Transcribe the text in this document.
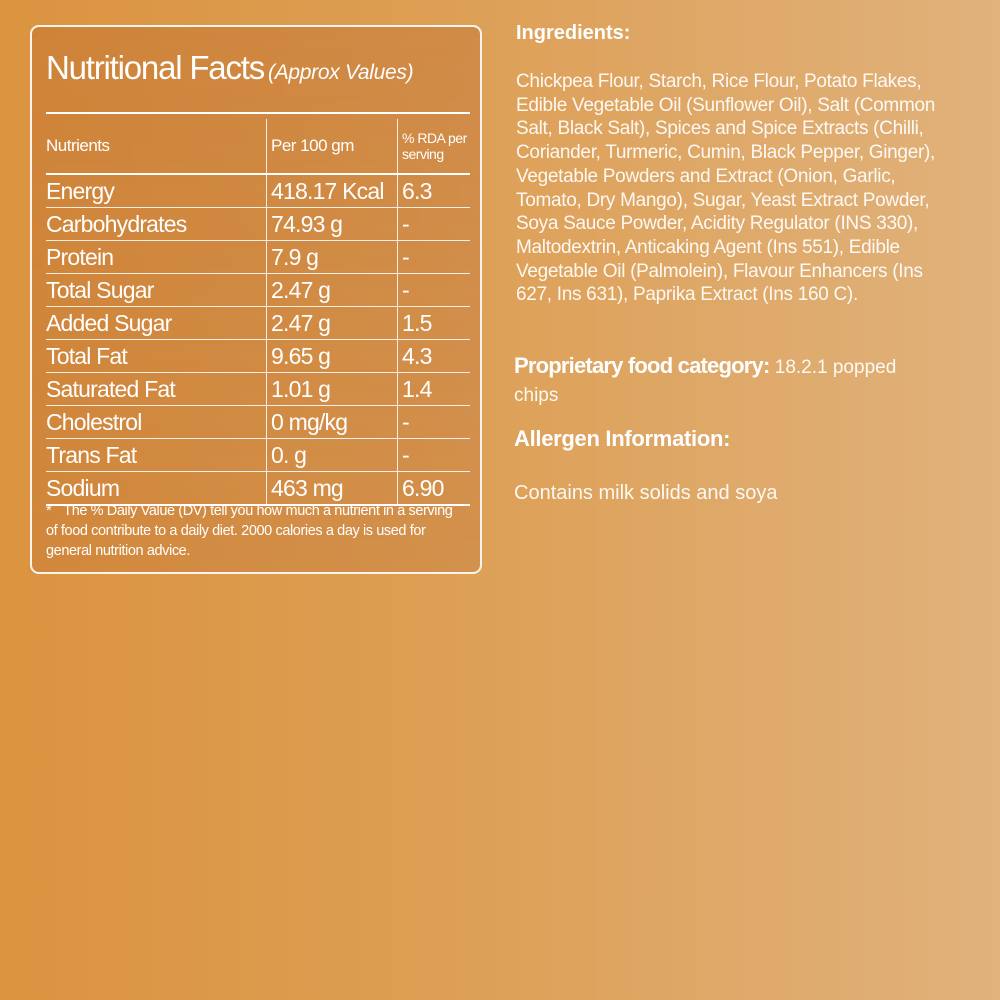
Nutritional Facts (Approx Values)
Nutrients	Per 100 gm	% RDA per serving
Energy	418.17 Kcal	6.3
Carbohydrates	74.93 g	-
Protein	7.9 g	-
Total Sugar	2.47 g	-
Added Sugar	2.47 g	1.5
Total Fat	9.65 g	4.3
Saturated Fat	1.01 g	1.4
Cholestrol	0 mg/kg	-
Trans Fat	0. g	-
Sodium	463 mg	6.90
* The % Daily Value (DV) tell you how much a nutrient in a serving of food contribute to a daily diet. 2000 calories a day is used for general nutrition advice.
Ingredients:

Chickpea Flour, Starch, Rice Flour, Potato Flakes, Edible Vegetable Oil (Sunflower Oil), Salt (Common Salt, Black Salt), Spices and Spice Extracts (Chilli, Coriander, Turmeric, Cumin, Black Pepper, Ginger), Vegetable Powders and Extract (Onion, Garlic, Tomato, Dry Mango), Sugar, Yeast Extract Powder, Soya Sauce Powder, Acidity Regulator (INS 330), Maltodextrin, Anticaking Agent (Ins 551), Edible Vegetable Oil (Palmolein), Flavour Enhancers (Ins 627, Ins 631), Paprika Extract (Ins 160 C).

Proprietary food category: 18.2.1 popped chips
Allergen Information:
Contains milk solids and soya
